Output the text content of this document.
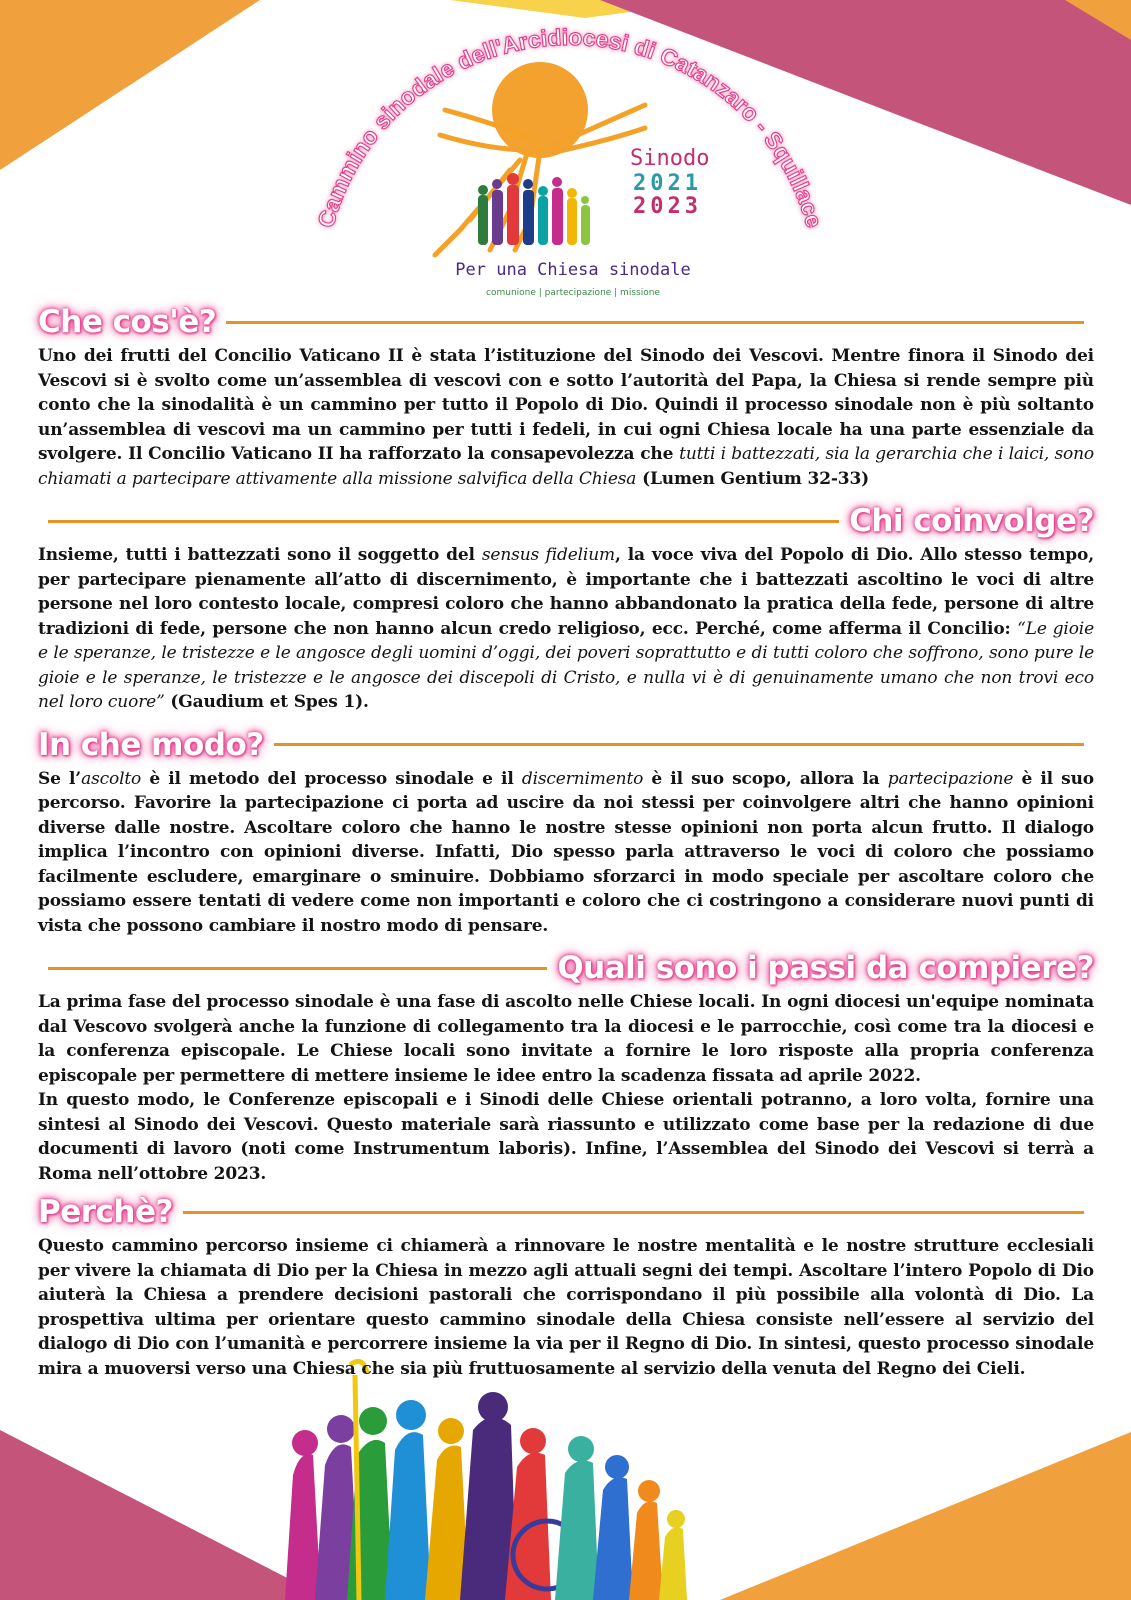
Cammino sinodale dell'Arcidiocesi di Catanzaro - Squillace
Sinodo
2021
2023
Per una Chiesa sinodale
comunione | partecipazione | missione
Che cos'è?

Uno dei frutti del Concilio Vaticano II è stata l’istituzione del Sinodo dei Vescovi. Mentre finora il Sinodo dei Vescovi si è svolto come un’assemblea di vescovi con e sotto l’autorità del Papa, la Chiesa si rende sempre più conto che la sinodalità è un cammino per tutto il Popolo di Dio. Quindi il processo sinodale non è più soltanto un’assemblea di vescovi ma un cammino per tutti i fedeli, in cui ogni Chiesa locale ha una parte essenziale da svolgere. Il Concilio Vaticano II ha rafforzato la consapevolezza che tutti i battezzati, sia la gerarchia che i laici, sono chiamati a partecipare attivamente alla missione salvifica della Chiesa (Lumen Gentium 32-33)

Chi coinvolge?

Insieme, tutti i battezzati sono il soggetto del sensus fidelium, la voce viva del Popolo di Dio. Allo stesso tempo, per partecipare pienamente all’atto di discernimento, è importante che i battezzati ascoltino le voci di altre persone nel loro contesto locale, compresi coloro che hanno abbandonato la pratica della fede, persone di altre tradizioni di fede, persone che non hanno alcun credo religioso, ecc. Perché, come afferma il Concilio: “Le gioie e le speranze, le tristezze e le angosce degli uomini d’oggi, dei poveri soprattutto e di tutti coloro che soffrono, sono pure le gioie e le speranze, le tristezze e le angosce dei discepoli di Cristo, e nulla vi è di genuinamente umano che non trovi eco nel loro cuore” (Gaudium et Spes 1).

In che modo?

Se l’ascolto è il metodo del processo sinodale e il discernimento è il suo scopo, allora la partecipazione è il suo percorso. Favorire la partecipazione ci porta ad uscire da noi stessi per coinvolgere altri che hanno opinioni diverse dalle nostre. Ascoltare coloro che hanno le nostre stesse opinioni non porta alcun frutto. Il dialogo implica l’incontro con opinioni diverse. Infatti, Dio spesso parla attraverso le voci di coloro che possiamo facilmente escludere, emarginare o sminuire. Dobbiamo sforzarci in modo speciale per ascoltare coloro che possiamo essere tentati di vedere come non importanti e coloro che ci costringono a considerare nuovi punti di vista che possono cambiare il nostro modo di pensare.

Quali sono i passi da compiere?

La prima fase del processo sinodale è una fase di ascolto nelle Chiese locali. In ogni diocesi un'equipe nominata dal Vescovo svolgerà anche la funzione di collegamento tra la diocesi e le parrocchie, così come tra la diocesi e la conferenza episcopale. Le Chiese locali sono invitate a fornire le loro risposte alla propria conferenza episcopale per permettere di mettere insieme le idee entro la scadenza fissata ad aprile 2022.

In questo modo, le Conferenze episcopali e i Sinodi delle Chiese orientali potranno, a loro volta, fornire una sintesi al Sinodo dei Vescovi. Questo materiale sarà riassunto e utilizzato come base per la redazione di due documenti di lavoro (noti come Instrumentum laboris). Infine, l’Assemblea del Sinodo dei Vescovi si terrà a Roma nell’ottobre 2023.

Perchè?

Questo cammino percorso insieme ci chiamerà a rinnovare le nostre mentalità e le nostre strutture ecclesiali per vivere la chiamata di Dio per la Chiesa in mezzo agli attuali segni dei tempi. Ascoltare l’intero Popolo di Dio aiuterà la Chiesa a prendere decisioni pastorali che corrispondano il più possibile alla volontà di Dio. La prospettiva ultima per orientare questo cammino sinodale della Chiesa consiste nell’essere al servizio del dialogo di Dio con l’umanità e percorrere insieme la via per il Regno di Dio. In sintesi, questo processo sinodale mira a muoversi verso una Chiesa che sia più fruttuosamente al servizio della venuta del Regno dei Cieli.
